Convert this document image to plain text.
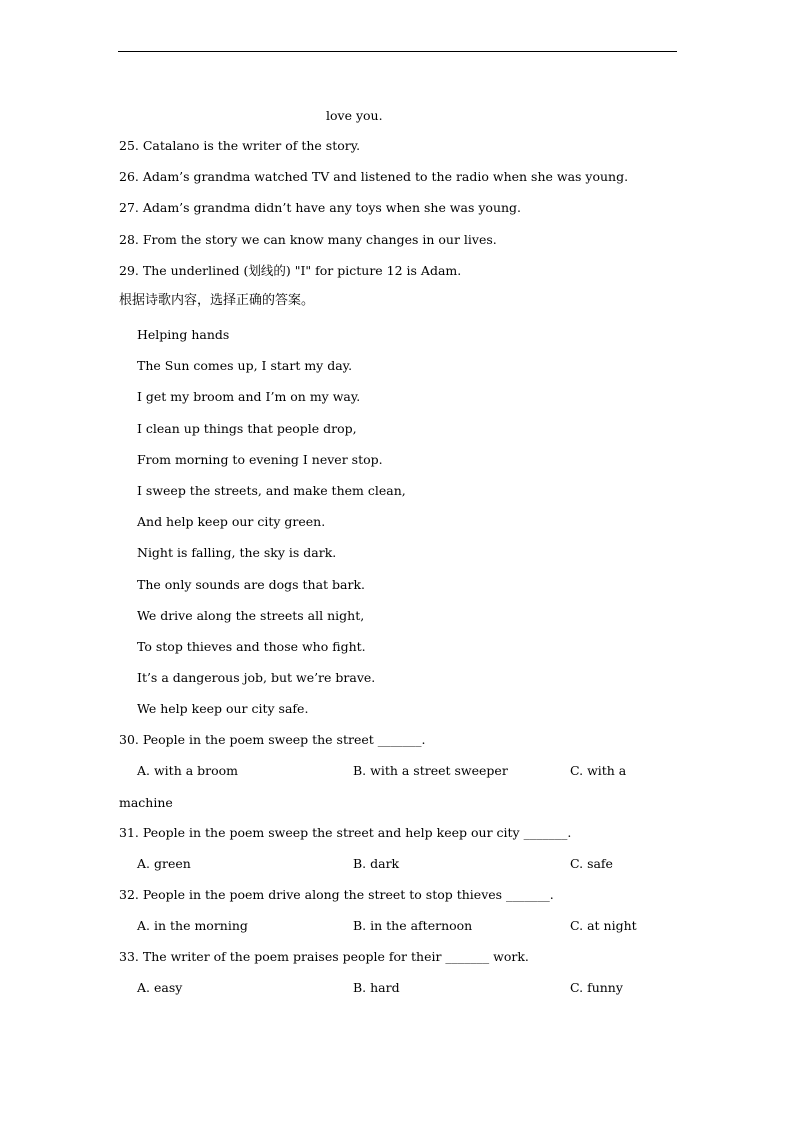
love you.
25. Catalano is the writer of the story.
26. Adam’s grandma watched TV and listened to the radio when she was young.
27. Adam’s grandma didn’t have any toys when she was young.
28. From the story we can know many changes in our lives.
29. The underlined (划线的) "I" for picture 12 is Adam.
根据诗歌内容，选择正确的答案。
Helping hands
The Sun comes up, I start my day.
I get my broom and I’m on my way.
I clean up things that people drop,
From morning to evening I never stop.
I sweep the streets, and make them clean,
And help keep our city green.
Night is falling, the sky is dark.
The only sounds are dogs that bark.
We drive along the streets all night,
To stop thieves and those who fight.
It’s a dangerous job, but we’re brave.
We help keep our city safe.
30. People in the poem sweep the street _______.
A. with a broom	B. with a street sweeper	C. with a
machine
31. People in the poem sweep the street and help keep our city _______.
A. green	B. dark	C. safe
32. People in the poem drive along the street to stop thieves _______.
A. in the morning	B. in the afternoon	C. at night
33. The writer of the poem praises people for their _______ work.
A. easy	B. hard	C. funny
